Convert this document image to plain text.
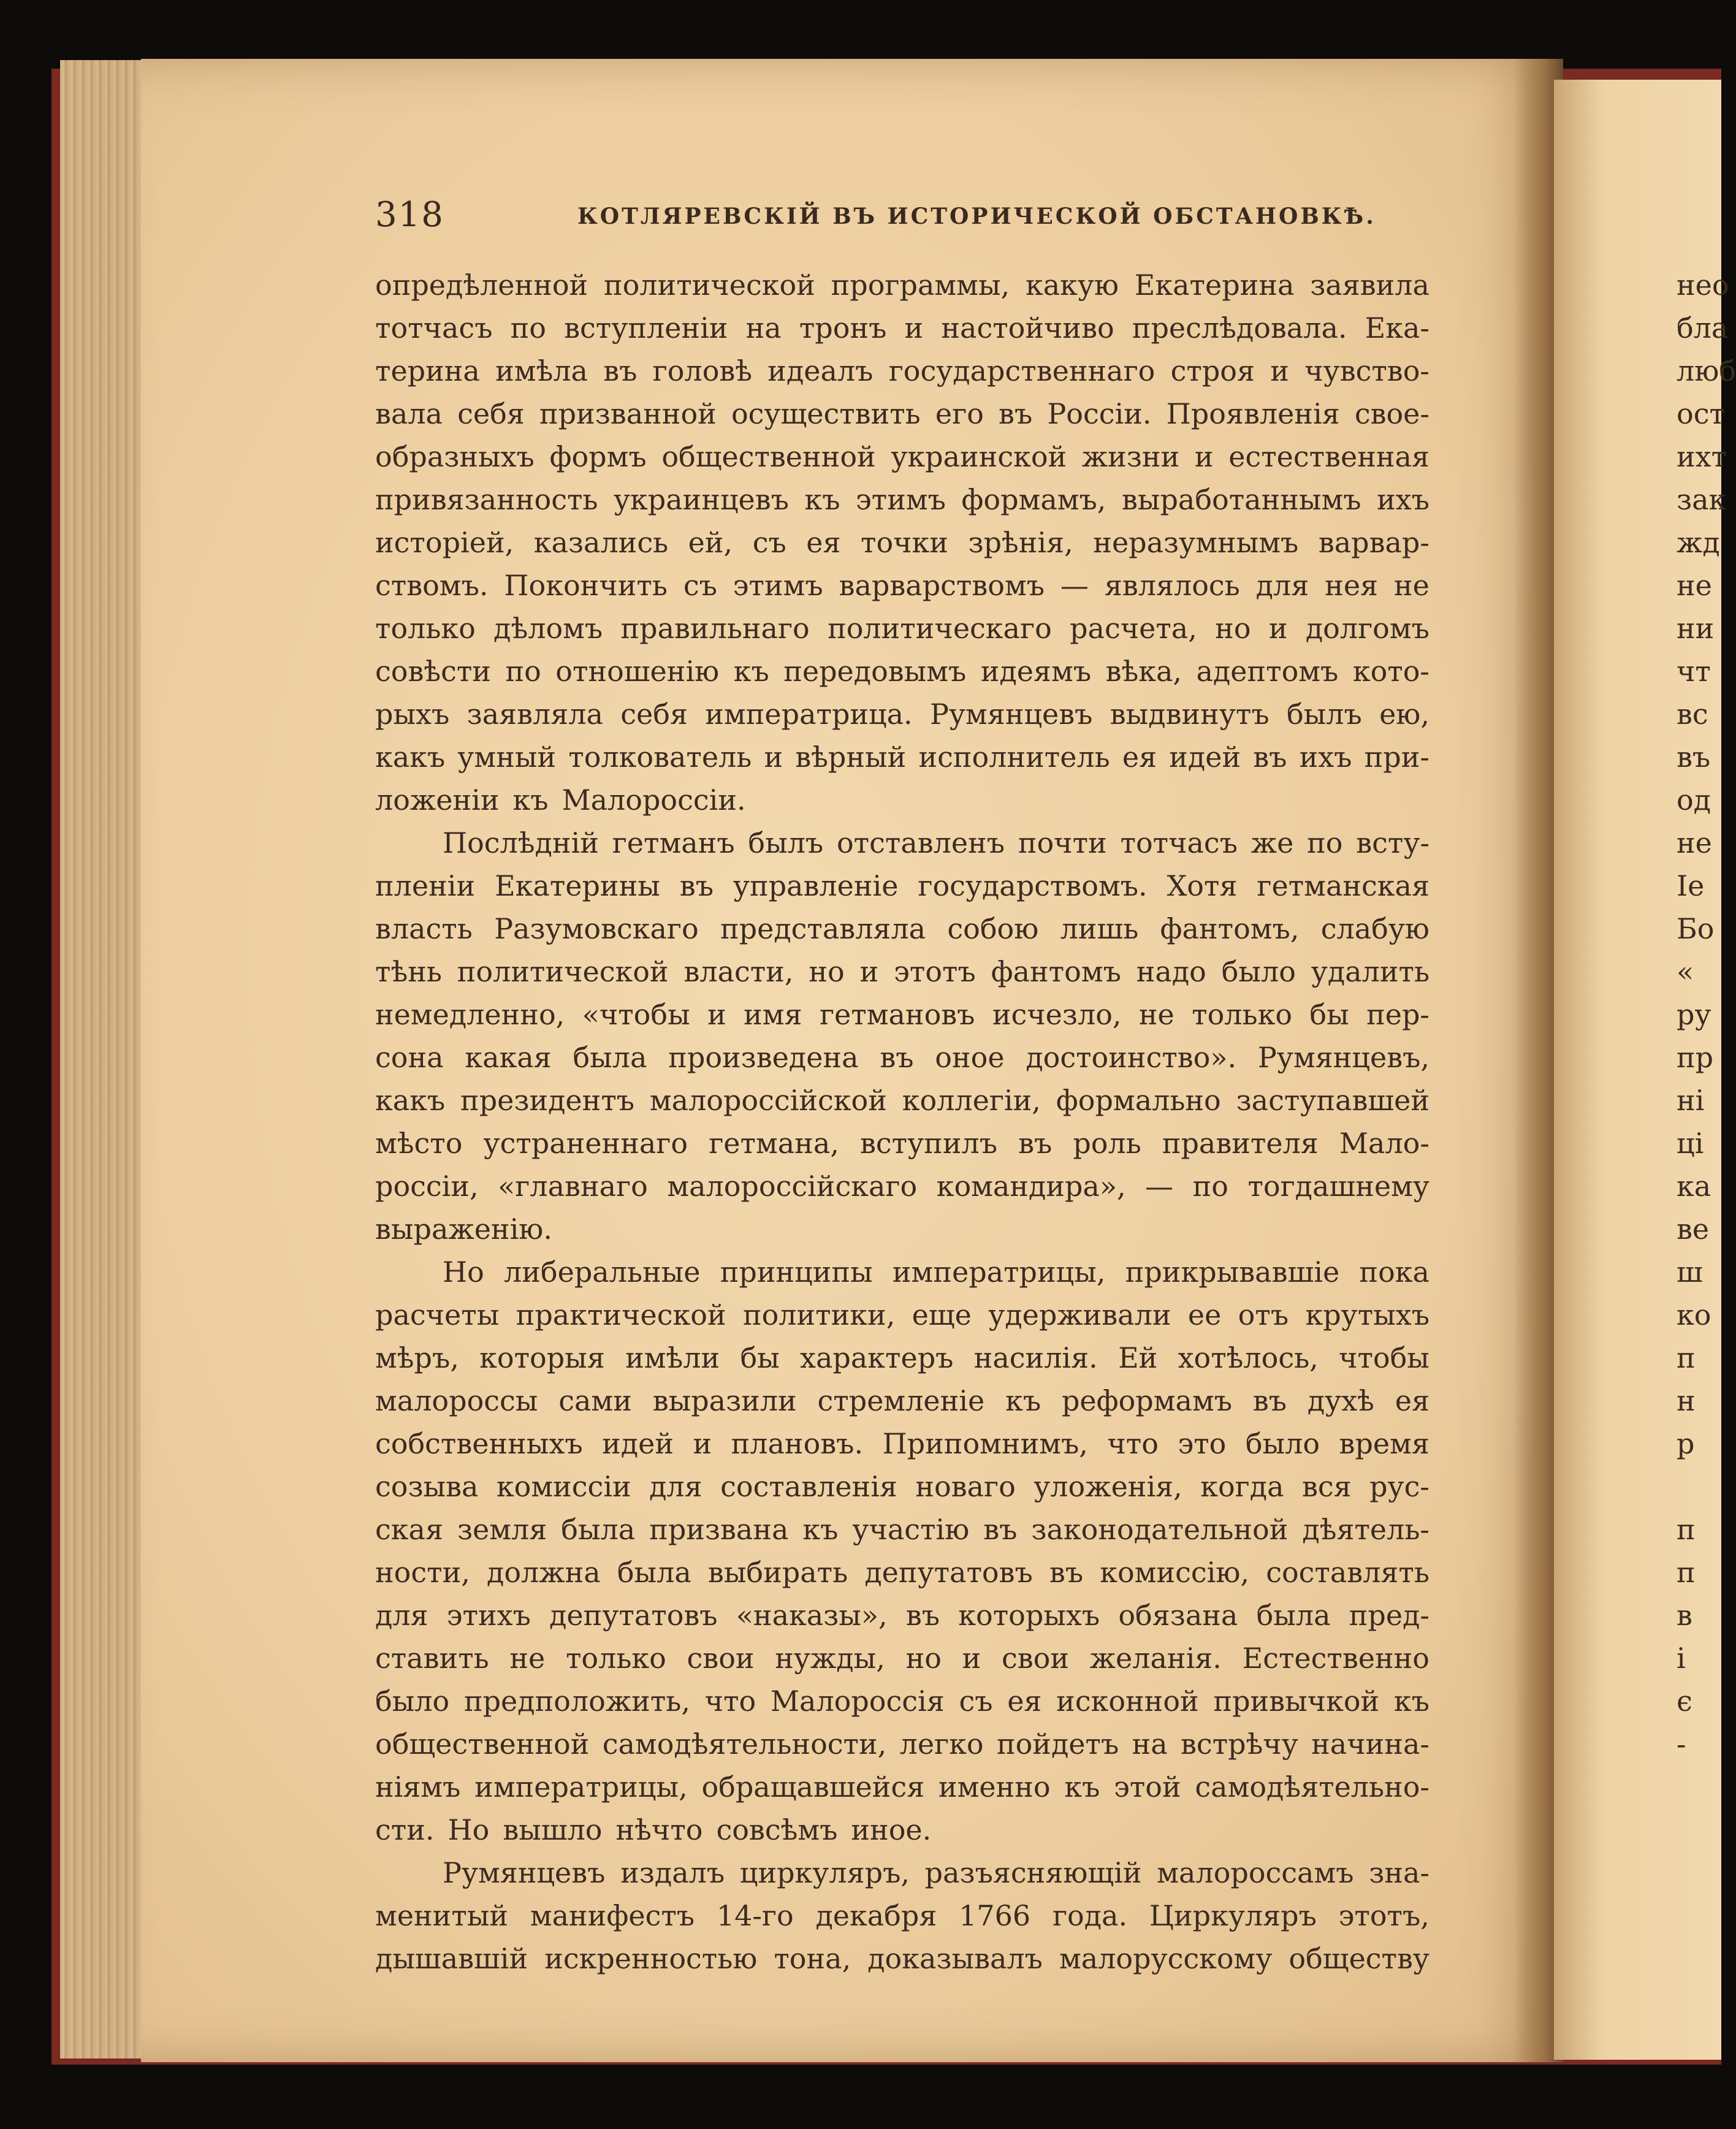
318	КОТЛЯРЕВСКІЙ ВЪ ИСТОРИЧЕСКОЙ ОБСТАНОВКѢ.
опредѣленной политической программы, какую Екатерина заявила
тотчасъ по вступленіи на тронъ и настойчиво преслѣдовала. Ека-
терина имѣла въ головѣ идеалъ государственнаго строя и чувство-
вала себя призванной осуществить его въ Россіи. Проявленія свое-
образныхъ формъ общественной украинской жизни и естественная
привязанность украинцевъ къ этимъ формамъ, выработаннымъ ихъ
исторіей, казались ей, съ ея точки зрѣнія, неразумнымъ варвар-
ствомъ. Покончить съ этимъ варварствомъ — являлось для нея не
только дѣломъ правильнаго политическаго расчета, но и долгомъ
совѣсти по отношенію къ передовымъ идеямъ вѣка, адептомъ кото-
рыхъ заявляла себя императрица. Румянцевъ выдвинутъ былъ ею,
какъ умный толкователь и вѣрный исполнитель ея идей въ ихъ при-
ложеніи къ Малороссіи.
Послѣдній гетманъ былъ отставленъ почти тотчасъ же по всту-
пленіи Екатерины въ управленіе государствомъ. Хотя гетманская
власть Разумовскаго представляла собою лишь фантомъ, слабую
тѣнь политической власти, но и этотъ фантомъ надо было удалить
немедленно, «чтобы и имя гетмановъ исчезло, не только бы пер-
сона какая была произведена въ оное достоинство». Румянцевъ,
какъ президентъ малороссійской коллегіи, формально заступавшей
мѣсто устраненнаго гетмана, вступилъ въ роль правителя Мало-
россіи, «главнаго малороссійскаго командира», — по тогдашнему
выраженію.
Но либеральные принципы императрицы, прикрывавшіе пока
расчеты практической политики, еще удерживали ее отъ крутыхъ
мѣръ, которыя имѣли бы характеръ насилія. Ей хотѣлось, чтобы
малороссы сами выразили стремленіе къ реформамъ въ духѣ ея
собственныхъ идей и плановъ. Припомнимъ, что это было время
созыва комиссіи для составленія новаго уложенія, когда вся рус-
ская земля была призвана къ участію въ законодательной дѣятель-
ности, должна была выбирать депутатовъ въ комиссію, составлять
для этихъ депутатовъ «наказы», въ которыхъ обязана была пред-
ставить не только свои нужды, но и свои желанія. Естественно
было предположить, что Малороссія съ ея исконной привычкой къ
общественной самодѣятельности, легко пойдетъ на встрѣчу начина-
ніямъ императрицы, обращавшейся именно къ этой самодѣятельно-
сти. Но вышло нѣчто совсѣмъ иное.
Румянцевъ издалъ циркуляръ, разъясняющій малороссамъ зна-
менитый манифестъ 14-го декабря 1766 года. Циркуляръ этотъ,
дышавшій искренностью тона, доказывалъ малорусскому обществу
нео
бла
люб
ост
ихт
зак
жд
не
ни
чт
вс
въ
од
не
Іе
Бо
«
ру
пр
ні
ці
ка
ве
ш
ко
п
н
р
п
п
в
і
є
-
